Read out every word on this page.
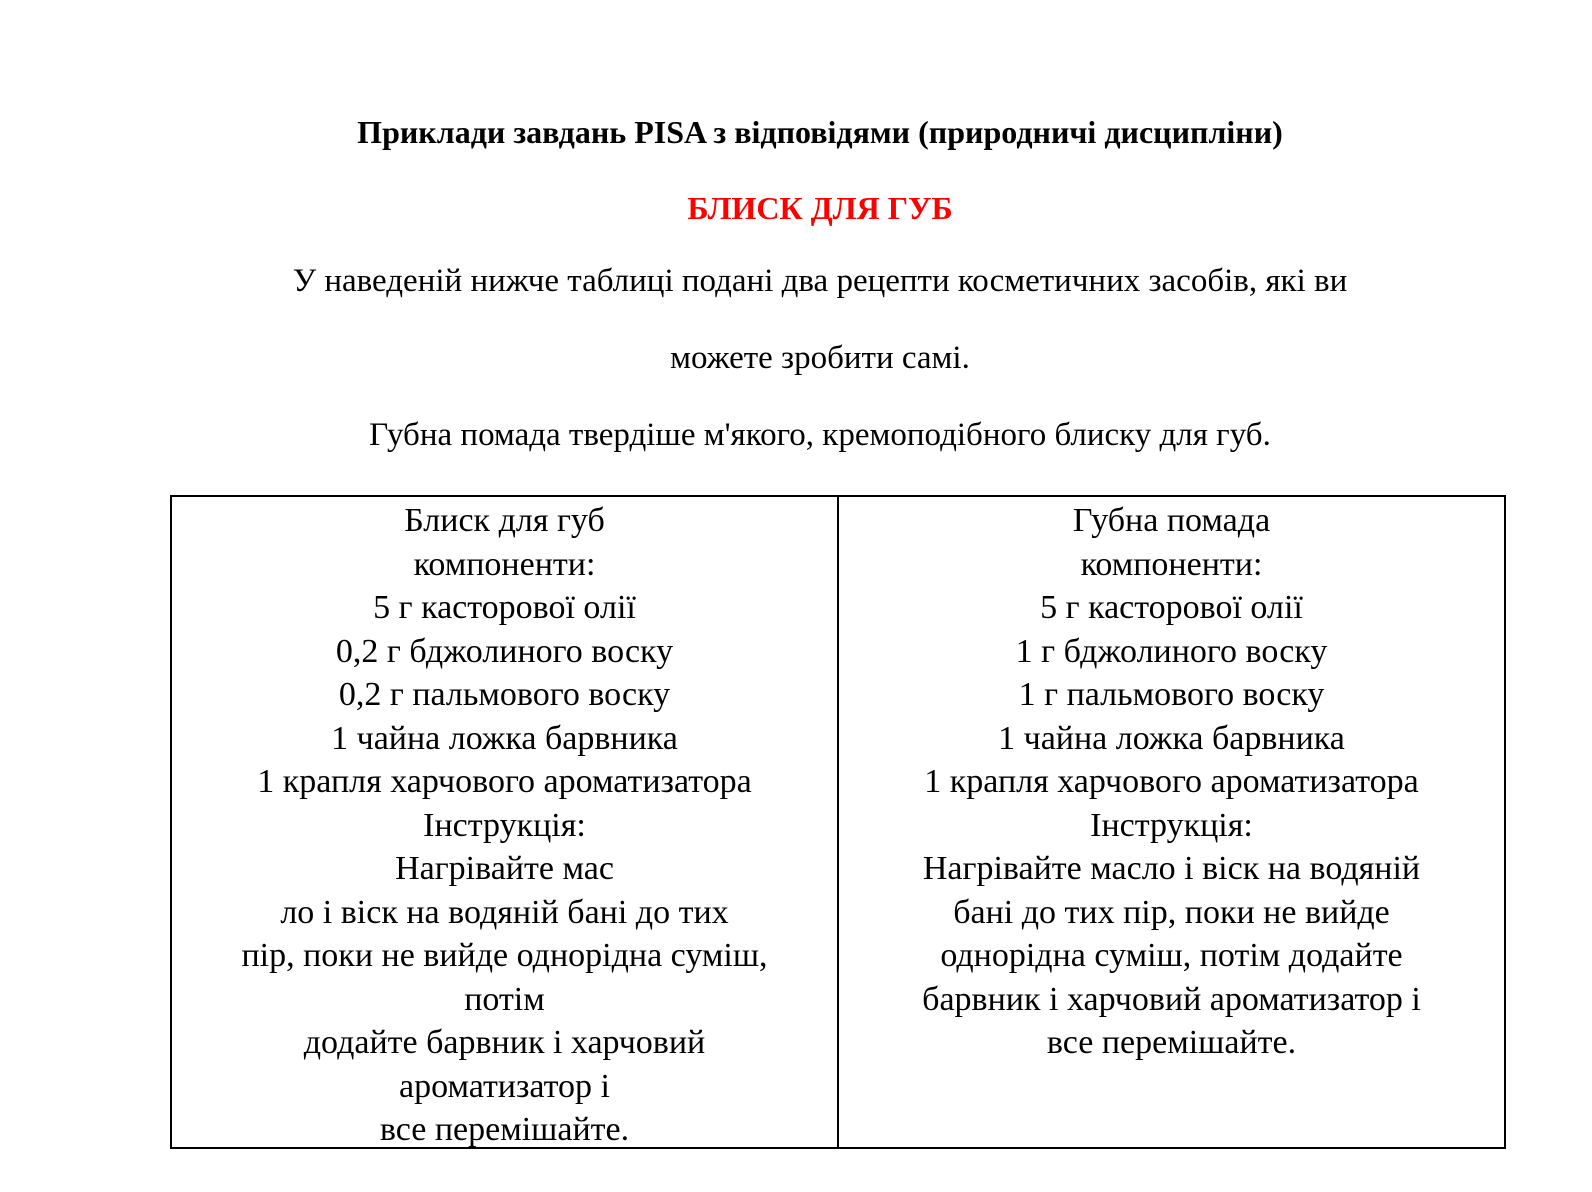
Приклади завдань PISA з відповідями (природничі дисципліни)
БЛИСК ДЛЯ ГУБ
У наведеній нижче таблиці подані два рецепти косметичних засобів, які ви
можете зробити самі.
Губна помада твердіше м'якого, кремоподібного блиску для губ.
Блиск для губ
компоненти:
5 г касторової олії
0,2 г бджолиного воску
0,2 г пальмового воску
1 чайна ложка барвника
1 крапля харчового ароматизатора
Інструкція:
Нагрівайте мас
ло і віск на водяній бані до тих
пір, поки не вийде однорідна суміш,
потім
додайте барвник і харчовий
ароматизатор і
все перемішайте.
Губна помада
компоненти:
5 г касторової олії
1 г бджолиного воску
1 г пальмового воску
1 чайна ложка барвника
1 крапля харчового ароматизатора
Інструкція:
Нагрівайте масло і віск на водяній
бані до тих пір, поки не вийде
однорідна суміш, потім додайте
барвник і харчовий ароматизатор і
все перемішайте.
